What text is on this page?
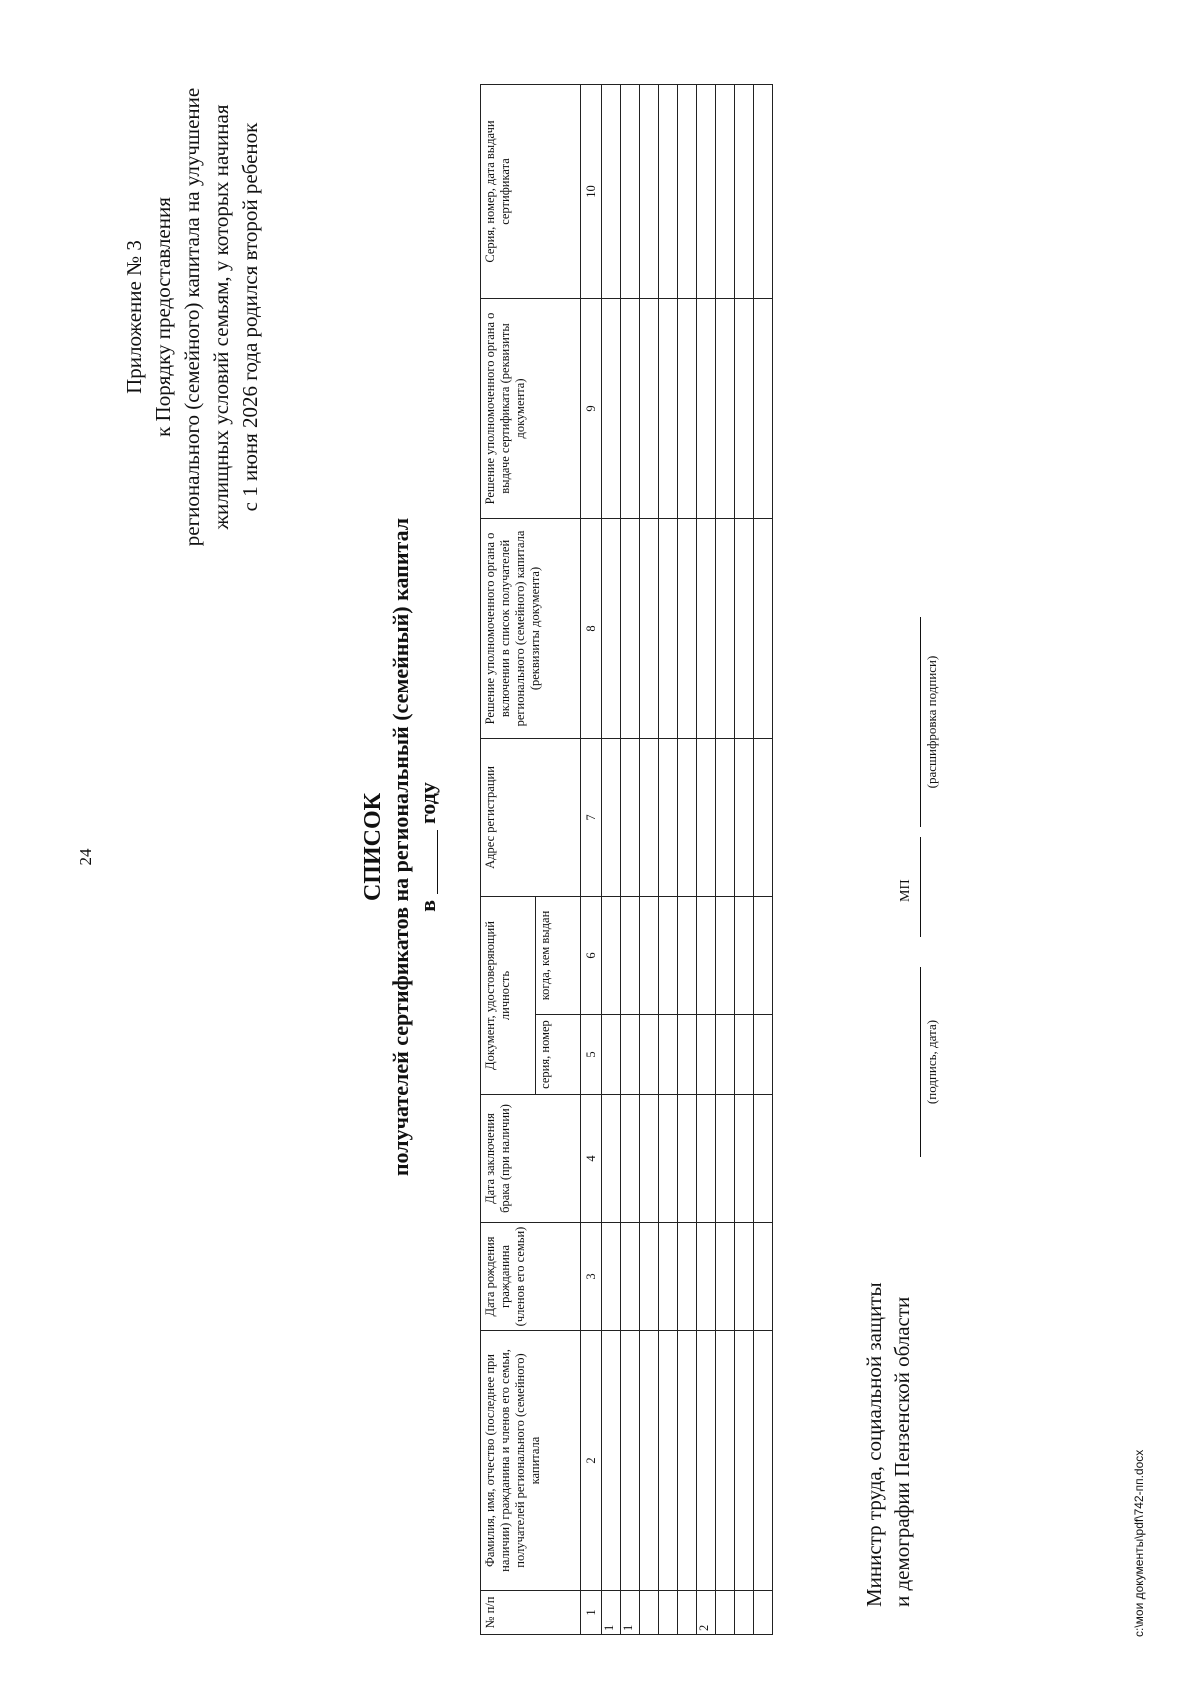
24
Приложение № 3 к Порядку предоставления регионального (семейного) капитала на улучшение жилищных условий семьям, у которых начиная с 1 июня 2026 года родился второй ребенок
СПИСОК получателей сертификатов на региональный (семейный) капитал вгоду
№ п/п	Фамилия, имя, отчество (последнее при наличии) гражданина и членов его семьи, получателей регионального (семейного) капитала	Дата рождения гражданина (членов его семьи)	Дата заключения брака (при наличии)	Документ, удостоверяющий личность		Адрес регистрации	Решение уполномоченного органа о включении в список получателей регионального (семейного) капитала (реквизиты документа)	Решение уполномоченного органа о выдаче сертификата (реквизиты документа)	Серия, номер, дата выдачи сертификата
				серия, номер	когда, кем выдан				
1	2	3	4	5	6	7	8	9	10
1									
1									

2									

Министр труда, социальной защиты и демографии Пензенской области
(подпись, дата)
МП
(расшифровка подписи)
c:\мои документы\pdf\742-пп.docx
